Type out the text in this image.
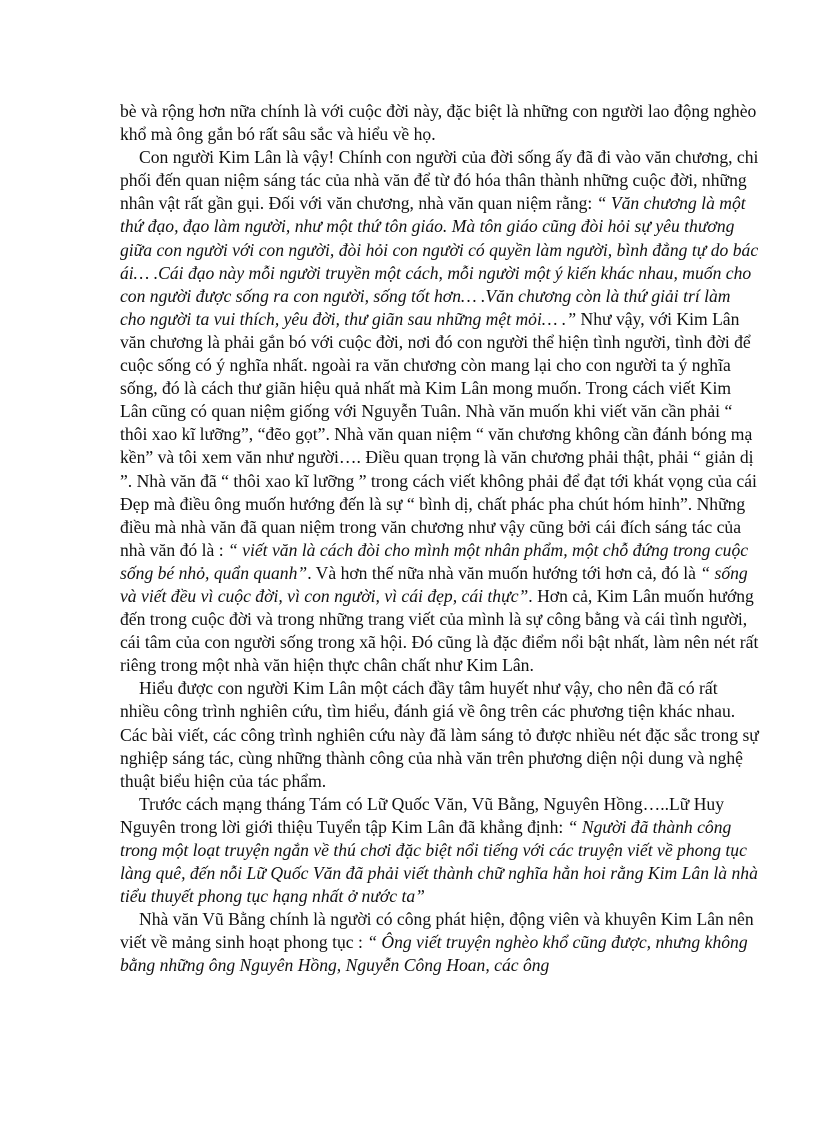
bè và rộng hơn nữa chính là với cuộc đời này, đặc biệt là những con người lao động nghèo khổ mà ông gắn bó rất sâu sắc và hiểu về họ.

Con người Kim Lân là vậy! Chính con người của đời sống ấy đã đi vào văn chương, chi phối đến quan niệm sáng tác của nhà văn để từ đó hóa thân thành những cuộc đời, những nhân vật rất gần gụi. Đối với văn chương, nhà văn quan niệm rằng: “ Văn chương là một thứ đạo, đạo làm người, như một thứ tôn giáo. Mà tôn giáo cũng đòi hỏi sự yêu thương giữa con người với con người, đòi hỏi con người có quyền làm người, bình đẳng tự do bác ái… .Cái đạo này mỗi người truyền một cách, mỗi người một ý kiến khác nhau, muốn cho con người được sống ra con người, sống tốt hơn… .Văn chương còn là thứ giải trí làm cho người ta vui thích, yêu đời, thư giãn sau những mệt mỏi… .” Như vậy, với Kim Lân văn chương là phải gắn bó với cuộc đời, nơi đó con người thể hiện tình người, tình đời để cuộc sống có ý nghĩa nhất. ngoài ra văn chương còn mang lại cho con người ta ý nghĩa sống, đó là cách thư giãn hiệu quả nhất mà Kim Lân mong muốn. Trong cách viết Kim Lân cũng có quan niệm giống với Nguyễn Tuân. Nhà văn muốn khi viết văn cần phải “ thôi xao kĩ lưỡng”, “đẽo gọt”. Nhà văn quan niệm “ văn chương không cần đánh bóng mạ kền” và tôi xem văn như người…. Điều quan trọng là văn chương phải thật, phải “ giản dị ”. Nhà văn đã “ thôi xao kĩ lưỡng ” trong cách viết không phải để đạt tới khát vọng của cái Đẹp mà điều ông muốn hướng đến là sự “ bình dị, chất phác pha chút hóm hỉnh”. Những điều mà nhà văn đã quan niệm trong văn chương như vậy cũng bởi cái đích sáng tác của nhà văn đó là : “ viết văn là cách đòi cho mình một nhân phẩm, một chỗ đứng trong cuộc sống bé nhỏ, quẩn quanh”. Và hơn thế nữa nhà văn muốn hướng tới hơn cả, đó là “ sống và viết đều vì cuộc đời, vì con người, vì cái đẹp, cái thực”. Hơn cả, Kim Lân muốn hướng đến trong cuộc đời và trong những trang viết của mình là sự công bằng và cái tình người, cái tâm của con người sống trong xã hội. Đó cũng là đặc điểm nổi bật nhất, làm nên nét rất riêng trong một nhà văn hiện thực chân chất như Kim Lân.

Hiểu được con người Kim Lân một cách đầy tâm huyết như vậy, cho nên đã có rất nhiều công trình nghiên cứu, tìm hiểu, đánh giá về ông trên các phương tiện khác nhau. Các bài viết, các công trình nghiên cứu này đã làm sáng tỏ được nhiều nét đặc sắc trong sự nghiệp sáng tác, cùng những thành công của nhà văn trên phương diện nội dung và nghệ thuật biểu hiện của tác phẩm.

Trước cách mạng tháng Tám có Lữ Quốc Văn, Vũ Bằng, Nguyên Hồng…..Lữ Huy Nguyên trong lời giới thiệu Tuyển tập Kim Lân đã khẳng định: “ Người đã thành công trong một loạt truyện ngắn về thú chơi đặc biệt nổi tiếng với các truyện viết về phong tục làng quê, đến nỗi Lữ Quốc Văn đã phải viết thành chữ nghĩa hẳn hoi rằng Kim Lân là nhà tiểu thuyết phong tục hạng nhất ở nước ta”

Nhà văn Vũ Bằng chính là người có công phát hiện, động viên và khuyên Kim Lân nên viết về mảng sinh hoạt phong tục : “ Ông viết truyện nghèo khổ cũng được, nhưng không bằng những ông Nguyên Hồng, Nguyễn Công Hoan, các ông
